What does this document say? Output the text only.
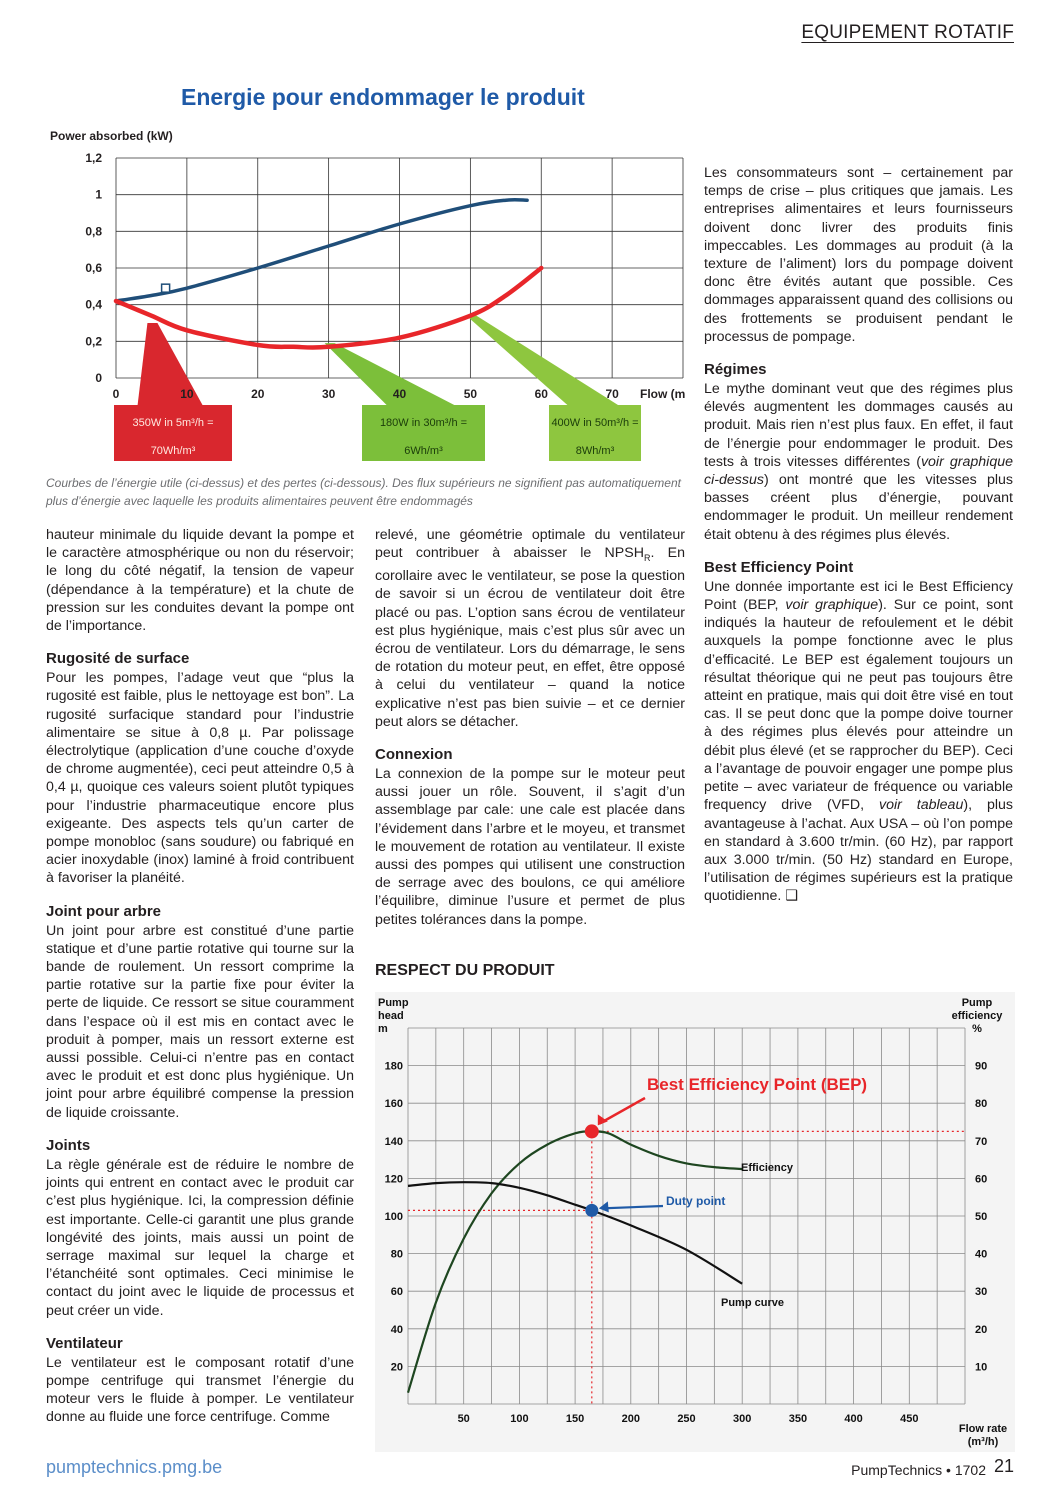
EQUIPEMENT ROTATIF
Energie pour endommager le produit
Power absorbed (kW)
1,2
1
0,8
0,6
0,4
0,2
0
350W in 5m³/h =
70Wh/m³
180W in 30m³/h =
6Wh/m³
400W in 50m³/h =
8Wh/m³
0	10	20	30	40	50	60	70 Flow (m
Courbes de l’énergie utile (ci-dessus) et des pertes (ci-dessous). Des flux supérieurs ne signifient pas automatiquement plus d’énergie avec laquelle les produits alimentaires peuvent être endommagés

hauteur minimale du liquide devant la pompe et le caractère atmosphérique ou non du réservoir; le long du côté négatif, la tension de vapeur (dépendance à la température) et la chute de pression sur les conduites devant la pompe ont de l’importance.

Rugosité de surface

Pour les pompes, l’adage veut que “plus la rugosité est faible, plus le nettoyage est bon”. La rugosité surfacique standard pour l’industrie alimentaire se situe à 0,8 µ. Par polissage électrolytique (application d’une couche d’oxyde de chrome augmentée), ceci peut atteindre 0,5 à 0,4 µ, quoique ces valeurs soient plutôt typiques pour l’industrie pharmaceutique encore plus exigeante. Des aspects tels qu’un carter de pompe monobloc (sans soudure) ou fabriqué en acier inoxydable (inox) laminé à froid contribuent à favoriser la planéité.

Joint pour arbre

Un joint pour arbre est constitué d’une partie statique et d’une partie rotative qui tourne sur la bande de roulement. Un ressort comprime la partie rotative sur la partie fixe pour éviter la perte de liquide. Ce ressort se situe couramment dans l’espace où il est mis en contact avec le produit à pomper, mais un ressort externe est aussi possible. Celui-ci n’entre pas en contact avec le produit et est donc plus hygiénique. Un joint pour arbre équilibré compense la pression de liquide croissante.

Joints

La règle générale est de réduire le nombre de joints qui entrent en contact avec le produit car c’est plus hygiénique. Ici, la compression définie est importante. Celle-ci garantit une plus grande longévité des joints, mais aussi un point de serrage maximal sur lequel la charge et l’étanchéité sont optimales. Ceci minimise le contact du joint avec le liquide de processus et peut créer un vide.

Ventilateur

Le ventilateur est le composant rotatif d’une pompe centrifuge qui transmet l’énergie du moteur vers le fluide à pomper. Le ventilateur donne au fluide une force centrifuge. Comme

relevé, une géométrie optimale du ventilateur peut contribuer à abaisser le $NPSH_R$. En corollaire avec le ventilateur, se pose la question de savoir si un écrou de ventilateur doit être placé ou pas. L’option sans écrou de ventilateur est plus hygiénique, mais c’est plus sûr avec un écrou de ventilateur. Lors du démarrage, le sens de rotation du moteur peut, en effet, être opposé à celui du ventilateur – quand la notice explicative n’est pas bien suivie – et ce dernier peut alors se détacher.

Connexion

La connexion de la pompe sur le moteur peut aussi jouer un rôle. Souvent, il s’agit d’un assemblage par cale: une cale est placée dans l’évidement dans l’arbre et le moyeu, et transmet le mouvement de rotation au ventilateur. Il existe aussi des pompes qui utilisent une construction de serrage avec des boulons, ce qui améliore l’équilibre, diminue l’usure et permet de plus petites tolérances dans la pompe.

Les consommateurs sont – certainement par temps de crise – plus critiques que jamais. Les entreprises alimentaires et leurs fournisseurs doivent donc livrer des produits finis impeccables. Les dommages au produit (à la texture de l’aliment) lors du pompage doivent donc être évités autant que possible. Ces dommages apparaissent quand des collisions ou des frottements se produisent pendant le processus de pompage.

Régimes

Le mythe dominant veut que des régimes plus élevés augmentent les dommages causés au produit. Mais rien n’est plus faux. En effet, il faut de l’énergie pour endommager le produit. Des tests à trois vitesses différentes (voir graphique ci-dessus) ont montré que les vitesses plus basses créent plus d’énergie, pouvant endommager le produit. Un meilleur rendement était obtenu à des régimes plus élevés.

Best Efficiency Point

Une donnée importante est ici le Best Efficiency Point (BEP, voir graphique). Sur ce point, sont indiqués la hauteur de refoulement et le débit auxquels la pompe fonctionne avec le plus d’efficacité. Le BEP est également toujours un résultat théorique qui ne peut pas toujours être atteint en pratique, mais qui doit être visé en tout cas. Il se peut donc que la pompe doive tourner à des régimes plus élevés pour atteindre un débit plus élevé (et se rapprocher du BEP). Ceci a l’avantage de pouvoir engager une pompe plus petite – avec variateur de fréquence ou variable frequency drive (VFD, voir tableau), plus avantageuse à l’achat. Aux USA – où l’on pompe en standard à 3.600 tr/min. (60 Hz), par rapport aux 3.000 tr/min. (50 Hz) standard en Europe, l’utilisation de régimes supérieurs est la pratique quotidienne. ❑

RESPECT DU PRODUIT
Pump
head
m
Pump
efficiency
%
Flow rate
(m³/h)
20
40
60
80
100
120
140
160
180
10
20
30
40
50
60
70
80
90
50	100	150	200	250	300	350	400	450
Efficiency
Pump curve
Best Efficiency Point (BEP)
Duty point
pumptechnics.pmg.be	PumpTechnics • 1702 21
